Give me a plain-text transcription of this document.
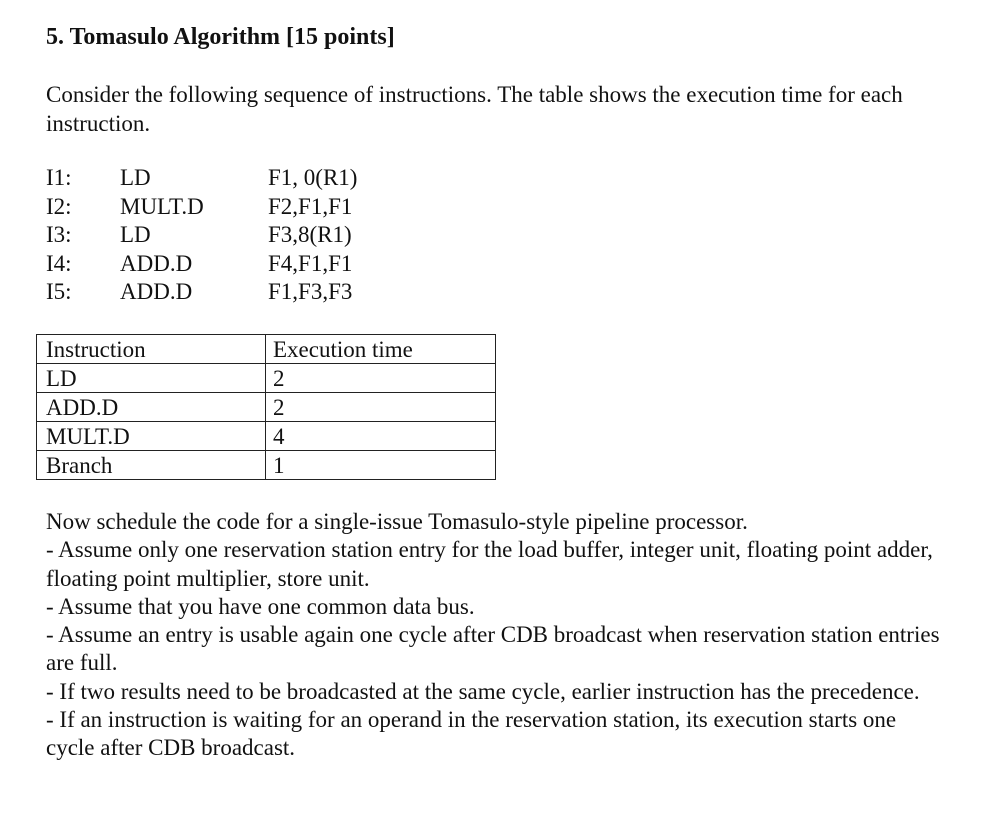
5. Tomasulo Algorithm [15 points]

Consider the following sequence of instructions. The table shows the execution time for each instruction.

I1:	LD	F1, 0(R1)
I2:	MULT.D	F2,F1,F1
I3:	LD	F3,8(R1)
I4:	ADD.D	F4,F1,F1
I5:	ADD.D	F1,F3,F3
Instruction	Execution time
LD	2
ADD.D	2
MULT.D	4
Branch	1

Now schedule the code for a single-issue Tomasulo-style pipeline processor.

- Assume only one reservation station entry for the load buffer, integer unit, floating point adder, floating point multiplier, store unit.

- Assume that you have one common data bus.

- Assume an entry is usable again one cycle after CDB broadcast when reservation station entries are full.

- If two results need to be broadcasted at the same cycle, earlier instruction has the precedence.

- If an instruction is waiting for an operand in the reservation station, its execution starts one cycle after CDB broadcast.
